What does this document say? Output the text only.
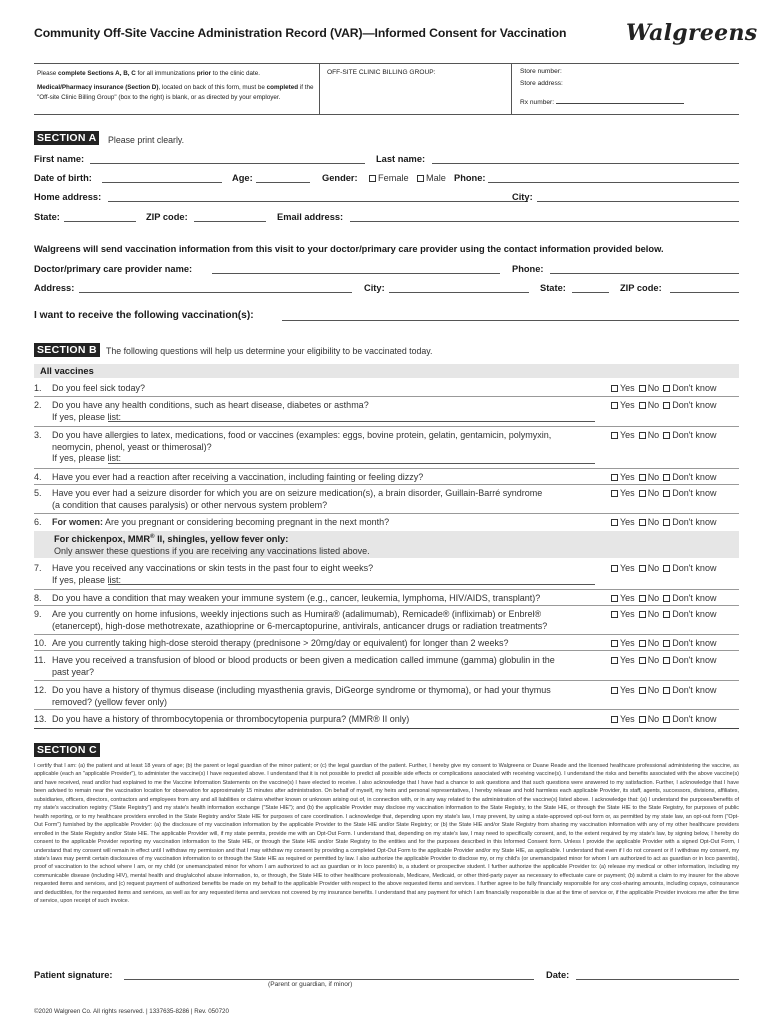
Community Off-Site Vaccine Administration Record (VAR)—Informed Consent for Vaccination	Walgreens
Please complete Sections A, B, C for all immunizations prior to the clinic date.
Medical/Pharmacy insurance (Section D), located on back of this form, must be completed if the "Off-site Clinic Billing Group" (box to the right) is blank, or as directed by your employer.
OFF-SITE CLINIC BILLING GROUP:	Store number:
Store address:
Rx number:
SECTION A	Please print clearly.
First name:	Last name:
Date of birth:	Age:	Gender:	Female	Male Phone:
Home address:	City:
State:	ZIP code:	Email address:
Walgreens will send vaccination information from this visit to your doctor/primary care provider using the contact information provided below.
Doctor/primary care provider name:	Phone:
Address:	City:	State:	ZIP code:
I want to receive the following vaccination(s):
SECTION B	The following questions will help us determine your eligibility to be vaccinated today.
All vaccines
1. Do you feel sick today?	Yes No Don't know
2. Do you have any health conditions, such as heart disease, diabetes or asthma?
If yes, please list:
Yes No Don't know
3. Do you have allergies to latex, medications, food or vaccines (examples: eggs, bovine protein, gelatin, gentamicin, polymyxin,
neomycin, phenol, yeast or thimerosal)?
If yes, please list:
Yes No Don't know
4. Have you ever had a reaction after receiving a vaccination, including fainting or feeling dizzy?	Yes No Don't know
5. Have you ever had a seizure disorder for which you are on seizure medication(s), a brain disorder, Guillain-Barré syndrome
(a condition that causes paralysis) or other nervous system problem?
Yes No Don't know
6. For women: Are you pregnant or considering becoming pregnant in the next month?	Yes No Don't know
For chickenpox, MMR® II, shingles, yellow fever only:
Only answer these questions if you are receiving any vaccinations listed above.
7. Have you received any vaccinations or skin tests in the past four to eight weeks?
If yes, please list:
Yes No Don't know
8. Do you have a condition that may weaken your immune system (e.g., cancer, leukemia, lymphoma, HIV/AIDS, transplant)?	Yes No Don't know
9. Are you currently on home infusions, weekly injections such as Humira® (adalimumab), Remicade® (infliximab) or Enbrel®
(etanercept), high-dose methotrexate, azathioprine or 6-mercaptopurine, antivirals, anticancer drugs or radiation treatments?
Yes No Don't know
10. Are you currently taking high-dose steroid therapy (prednisone > 20mg/day or equivalent) for longer than 2 weeks?	Yes No Don't know
11. Have you received a transfusion of blood or blood products or been given a medication called immune (gamma) globulin in the
past year?
Yes No Don't know
12. Do you have a history of thymus disease (including myasthenia gravis, DiGeorge syndrome or thymoma), or had your thymus
removed? (yellow fever only)
Yes No Don't know
13. Do you have a history of thrombocytopenia or thrombocytopenia purpura? (MMR® II only)	Yes No Don't know
SECTION C
I certify that I am: (a) the patient and at least 18 years of age; (b) the parent or legal guardian of the minor patient; or (c) the legal guardian of the patient. Further, I hereby give my consent to Walgreens or Duane Reade and the licensed healthcare professional administering the vaccine, as applicable (each an "applicable Provider"), to administer the vaccine(s) I have requested above. I understand that it is not possible to predict all possible side effects or complications associated with receiving vaccine(s). I understand the risks and benefits associated with the above vaccine(s) and have received, read and/or had explained to me the Vaccine Information Statements on the vaccine(s) I have elected to receive. I also acknowledge that I have had a chance to ask questions and that such questions were answered to my satisfaction. Further, I acknowledge that I have been advised to remain near the vaccination location for observation for approximately 15 minutes after administration. On behalf of myself, my heirs and personal representatives, I hereby release and hold harmless each applicable Provider, its staff, agents, successors, divisions, affiliates, subsidiaries, officers, directors, contractors and employees from any and all liabilities or claims whether known or unknown arising out of, in connection with, or in any way related to the administration of the vaccine(s) listed above. I acknowledge that: (a) I understand the purposes/benefits of my state's vaccination registry ("State Registry") and my state's health information exchange ("State HIE"); and (b) the applicable Provider may disclose my vaccination information to the State Registry, to the State HIE, or through the State HIE to the State Registry, for purposes of public health reporting, or to my healthcare providers enrolled in the State Registry and/or State HIE for purposes of care coordination. I acknowledge that, depending upon my state's law, I may prevent, by using a state-approved opt-out form or, as permitted by my state law, an opt-out form ("Opt-Out Form") furnished by the applicable Provider: (a) the disclosure of my vaccination information by the applicable Provider to the State HIE and/or State Registry; or (b) the State HIE and/or State Registry from sharing my vaccination information with any of my other healthcare providers enrolled in the State Registry and/or State HIE. The applicable Provider will, if my state permits, provide me with an Opt-Out Form. I understand that, depending on my state's law, I may need to specifically consent, and, to the extent required by my state's law, by signing below, I hereby do consent to the applicable Provider reporting my vaccination information to the State HIE, or through the State HIE and/or State Registry to the entities and for the purposes described in this Informed Consent form. Unless I provide the applicable Provider with a signed Opt-Out Form, I understand that my consent will remain in effect until I withdraw my permission and that I may withdraw my consent by providing a completed Opt-Out Form to the applicable Provider and/or my State HIE, as applicable. I understand that even if I do not consent or if I withdraw my consent, my state's laws may permit certain disclosures of my vaccination information to or through the State HIE as required or permitted by law. I also authorize the applicable Provider to disclose my, or my child's (or unemancipated minor for whom I am authorized to act as guardian or in loco parentis), proof of vaccination to the school where I am, or my child (or unemancipated minor for whom I am authorized to act as guardian or in loco parentis) is, a student or prospective student. I further authorize the applicable Provider to: (a) release my medical or other information, including my communicable disease (including HIV), mental health and drug/alcohol abuse information, to, or through, the State HIE to other healthcare professionals, Medicare, Medicaid, or other third-party payer as necessary to effectuate care or payment; (b) submit a claim to my insurer for the above requested items and services, and (c) request payment of authorized benefits be made on my behalf to the applicable Provider with respect to the above requested items and services. I further agree to be fully financially responsible for any cost-sharing amounts, including copays, coinsurance and deductibles, for the requested items and services, as well as for any requested items and services not covered by my insurance benefits. I understand that any payment for which I am financially responsible is due at the time of service or, if the applicable Provider invoices me after the time of service, upon receipt of such invoice.
Patient signature:
(Parent or guardian, if minor)
Date:
©2020 Walgreen Co. All rights reserved. | 1337635-8286 | Rev. 050720
